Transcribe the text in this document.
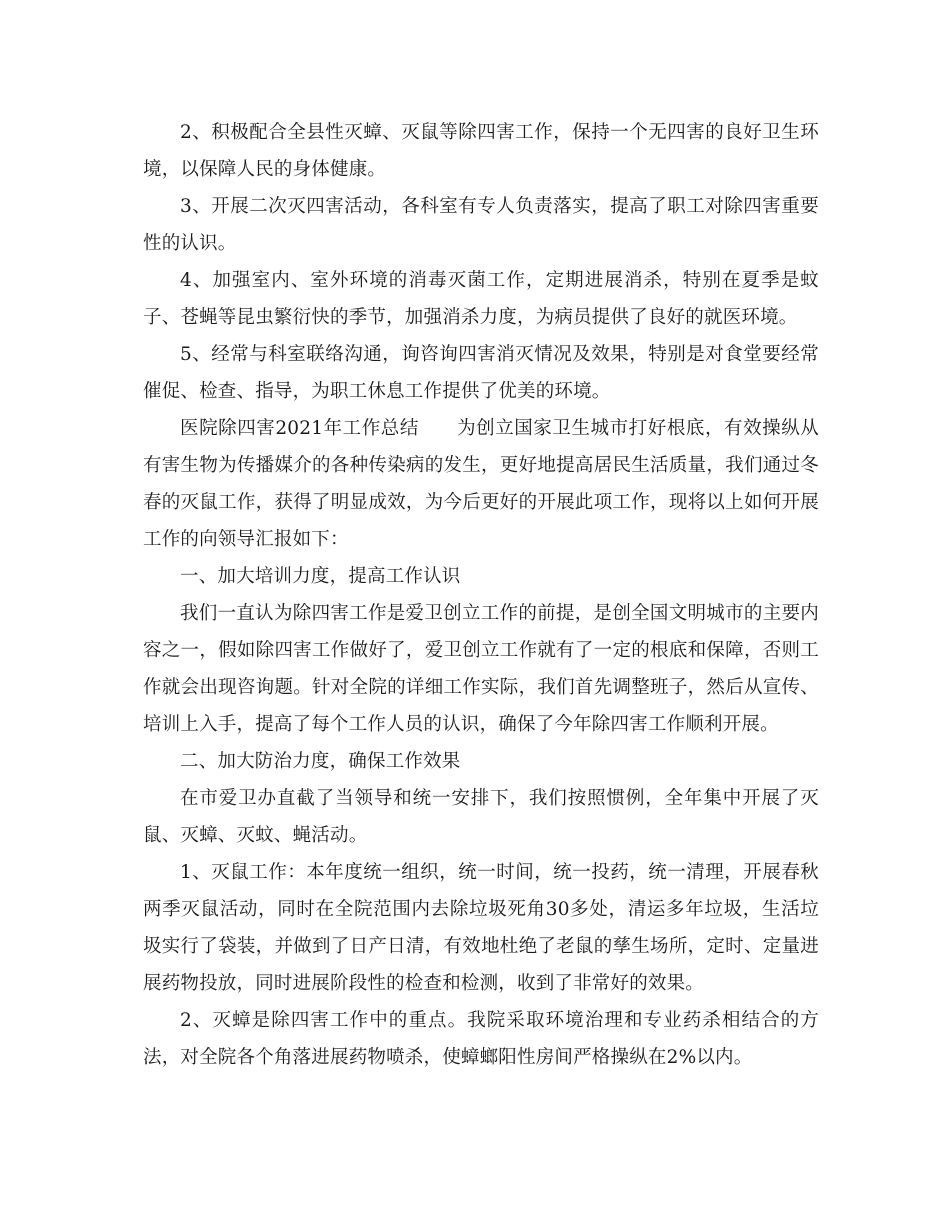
2、积极配合全县性灭蟑、灭鼠等除四害工作，保持一个无四害的良好卫生环境，以保障人民的身体健康。

3、开展二次灭四害活动，各科室有专人负责落实，提高了职工对除四害重要性的认识。

4、加强室内、室外环境的消毒灭菌工作，定期进展消杀，特别在夏季是蚊子、苍蝇等昆虫繁衍快的季节，加强消杀力度，为病员提供了良好的就医环境。

5、经常与科室联络沟通，询咨询四害消灭情况及效果，特别是对食堂要经常催促、检查、指导，为职工休息工作提供了优美的环境。

医院除四害2021年工作总结　　为创立国家卫生城市打好根底，有效操纵从有害生物为传播媒介的各种传染病的发生，更好地提高居民生活质量，我们通过冬春的灭鼠工作，获得了明显成效，为今后更好的开展此项工作，现将以上如何开展工作的向领导汇报如下：

一、加大培训力度，提高工作认识

我们一直认为除四害工作是爱卫创立工作的前提，是创全国文明城市的主要内容之一，假如除四害工作做好了，爱卫创立工作就有了一定的根底和保障，否则工作就会出现咨询题。针对全院的详细工作实际，我们首先调整班子，然后从宣传、培训上入手，提高了每个工作人员的认识，确保了今年除四害工作顺利开展。

二、加大防治力度，确保工作效果

在市爱卫办直截了当领导和统一安排下，我们按照惯例，全年集中开展了灭鼠、灭蟑、灭蚊、蝇活动。

1、灭鼠工作：本年度统一组织，统一时间，统一投药，统一清理，开展春秋两季灭鼠活动，同时在全院范围内去除垃圾死角30多处，清运多年垃圾，生活垃圾实行了袋装，并做到了日产日清，有效地杜绝了老鼠的孳生场所，定时、定量进展药物投放，同时进展阶段性的检查和检测，收到了非常好的效果。

2、灭蟑是除四害工作中的重点。我院采取环境治理和专业药杀相结合的方法，对全院各个角落进展药物喷杀，使蟑螂阳性房间严格操纵在2%以内。
